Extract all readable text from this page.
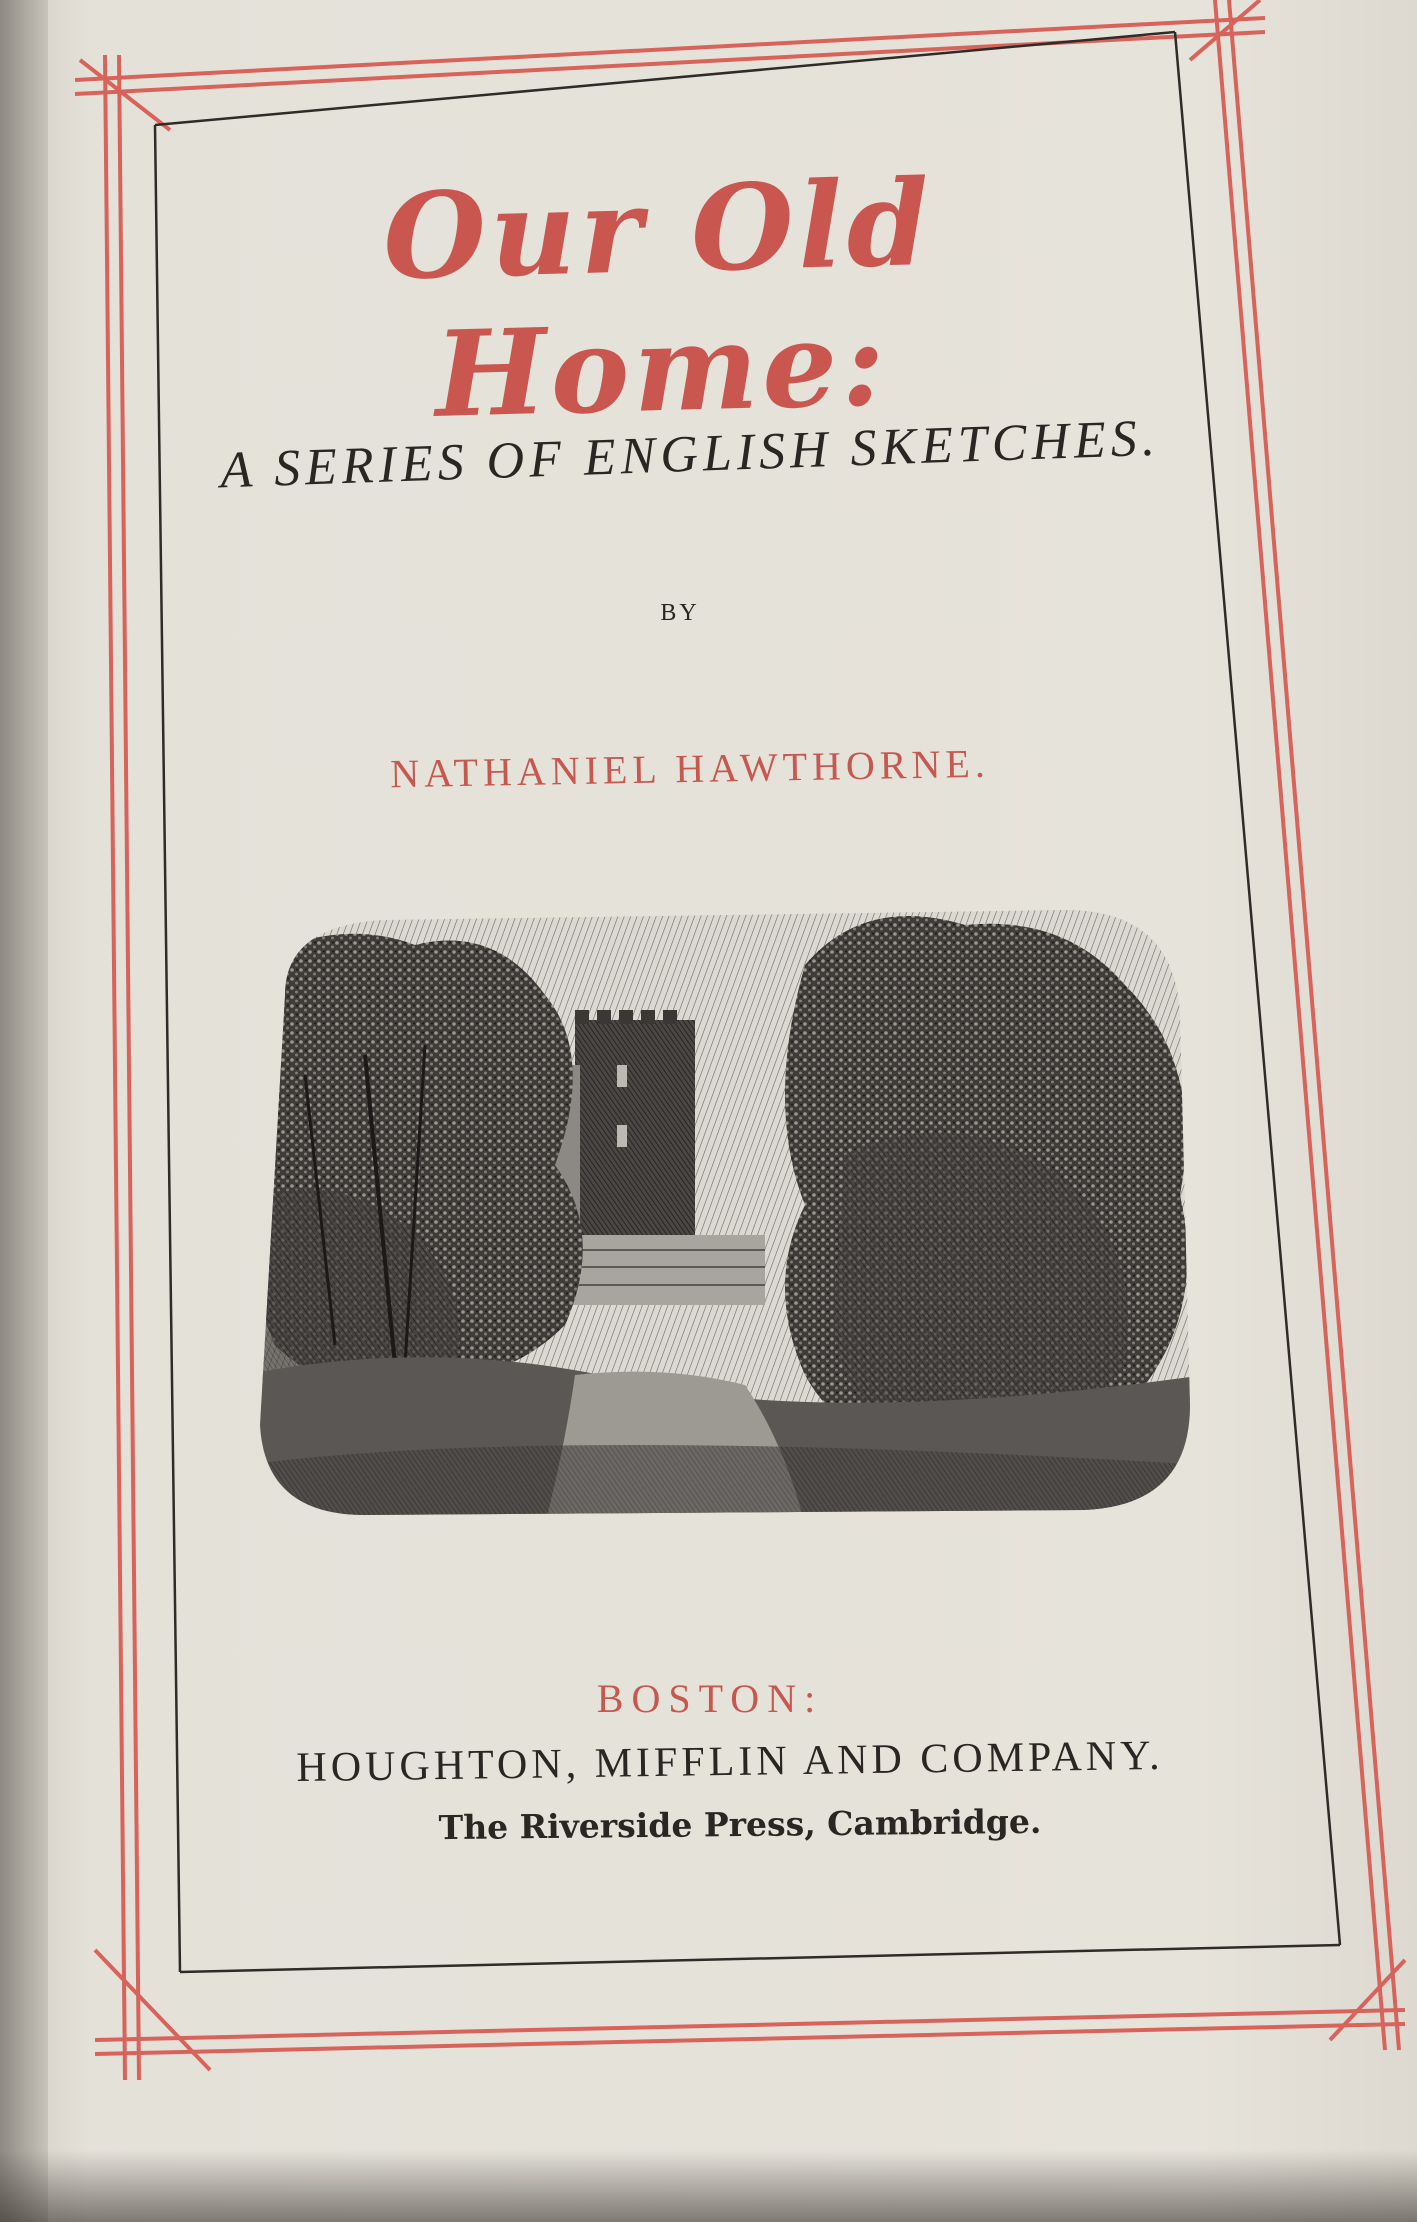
Our Old Home:

A SERIES OF ENGLISH SKETCHES.

BY

NATHANIEL HAWTHORNE.

BOSTON:

HOUGHTON, MIFFLIN AND COMPANY.

The Riverside Press, Cambridge.
